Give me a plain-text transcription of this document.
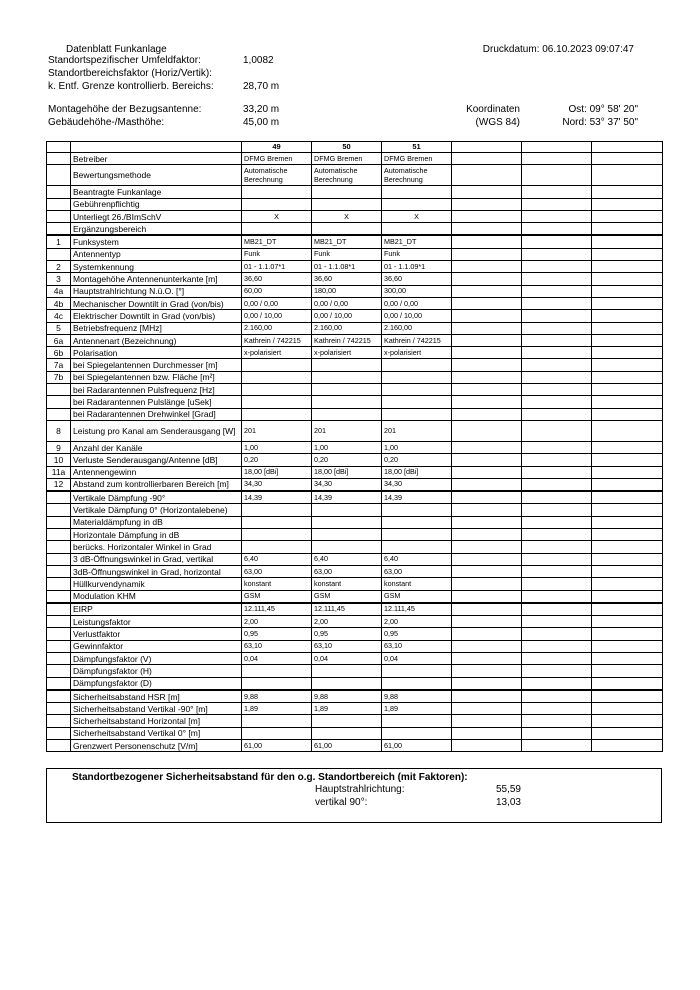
Datenblatt Funkanlage	Druckdatum: 06.10.2023 09:07:47
Standortspezifischer Umfeldfaktor:	1,0082
Standortbereichsfaktor (Horiz/Vertik):
k. Entf. Grenze kontrollierb. Bereichs:	28,70 m
Montagehöhe der Bezugsantenne:	33,20 m
Gebäudehöhe-/Masthöhe:	45,00 m
Koordinaten
(WGS 84)
Ost: 09° 58' 20"
Nord: 53° 37' 50"
		49	50	51			
	Betreiber	DFMG Bremen	DFMG Bremen	DFMG Bremen			
	Bewertungsmethode	Automatische Berechnung	Automatische Berechnung	Automatische Berechnung			
	Beantragte Funkanlage						
	Gebührenpflichtig						
	Unterliegt 26./BImSchV	X	X	X			
	Ergänzungsbereich						
1	Funksystem	MB21_DT	MB21_DT	MB21_DT			
	Antennentyp	Funk	Funk	Funk			
2	Systemkennung	01 - 1.1.07*1	01 - 1.1.08*1	01 - 1.1.09*1			
3	Montagehöhe Antennenunterkante [m]	36,60	36,60	36,60			
4a	Hauptstrahlrichtung N.ü.O. [°]	60,00	180,00	300,00			
4b	Mechanischer Downtilt in Grad (von/bis)	0,00 / 0,00	0,00 / 0,00	0,00 / 0,00			
4c	Elektrischer Downtilt in Grad (von/bis)	0,00 / 10,00	0,00 / 10,00	0,00 / 10,00			
5	Betriebsfrequenz [MHz]	2.160,00	2.160,00	2.160,00			
6a	Antennenart (Bezeichnung)	Kathrein / 742215	Kathrein / 742215	Kathrein / 742215			
6b	Polarisation	x-polarisiert	x-polarisiert	x-polarisiert			
7a	bei Spiegelantennen Durchmesser [m]						
7b	bei Spiegelantennen bzw. Fläche [m²]						
	bei Radarantennen Pulsfrequenz [Hz]						
	bei Radarantennen Pulslänge [uSek]						
	bei Radarantennen Drehwinkel [Grad]						
8	Leistung pro Kanal am Senderausgang [W]	201	201	201			
9	Anzahl der Kanäle	1,00	1,00	1,00			
10	Verluste Senderausgang/Antenne [dB]	0,20	0,20	0,20			
11a	Antennengewinn	18,00 [dBi]	18,00 [dBi]	18,00 [dBi]			
12	Abstand zum kontrollierbaren Bereich [m]	34,30	34,30	34,30			
	Vertikale Dämpfung -90°	14,39	14,39	14,39			
	Vertikale Dämpfung 0° (Horizontalebene)						
	Materialdämpfung in dB						
	Horizontale Dämpfung in dB						
	berücks. Horizontaler Winkel in Grad						
	3 dB-Öffnungswinkel in Grad, vertikal	6,40	6,40	6,40			
	3dB-Öffnungswinkel in Grad, horizontal	63,00	63,00	63,00			
	Hüllkurvendynamik	konstant	konstant	konstant			
	Modulation KHM	GSM	GSM	GSM			
	EIRP	12.111,45	12.111,45	12.111,45			
	Leistungsfaktor	2,00	2,00	2,00			
	Verlustfaktor	0,95	0,95	0,95			
	Gewinnfaktor	63,10	63,10	63,10			
	Dämpfungsfaktor (V)	0,04	0,04	0,04			
	Dämpfungsfaktor (H)						
	Dämpfungsfaktor (D)						
	Sicherheitsabstand HSR [m]	9,88	9,88	9,88			
	Sicherheitsabstand Vertikal -90° [m]	1,89	1,89	1,89			
	Sicherheitsabstand Horizontal [m]						
	Sicherheitsabstand Vertikal 0° [m]						
	Grenzwert Personenschutz [V/m]	61,00	61,00	61,00			
Standortbezogener Sicherheitsabstand für den o.g. Standortbereich (mit Faktoren):
Hauptstrahlrichtung:	55,59
vertikal 90°:	13,03
